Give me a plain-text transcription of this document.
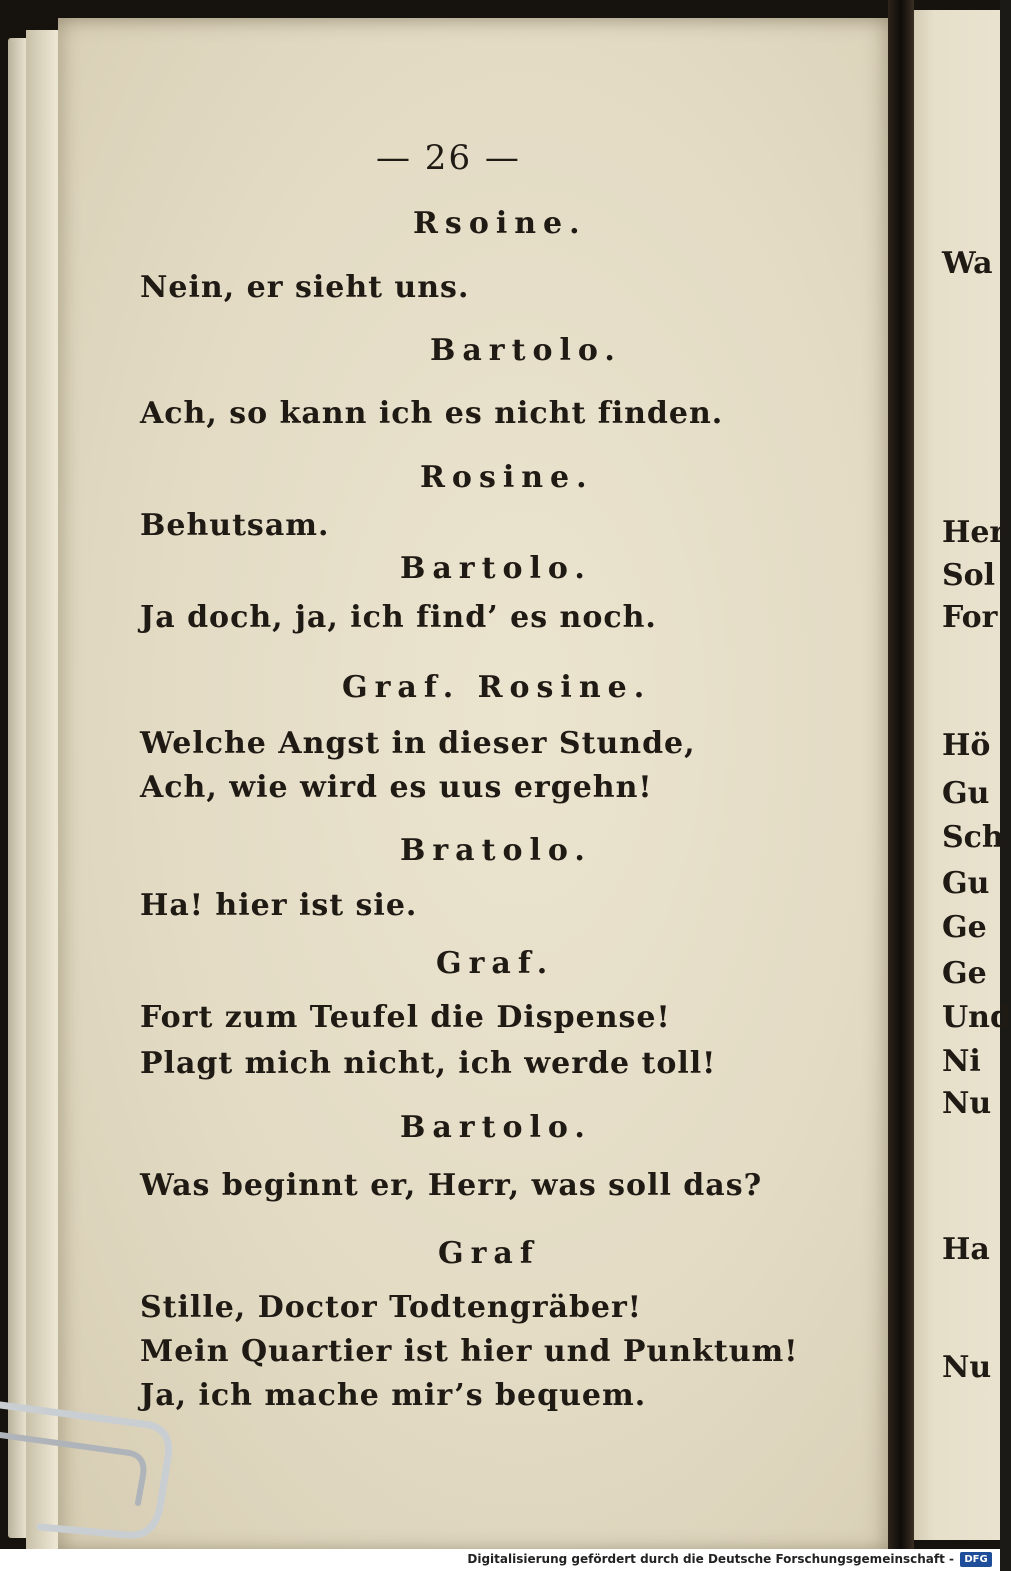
— 26 —
Rsoine.
Nein, er sieht uns.
Bartolo.
Ach, so kann ich es nicht finden.
Rosine.
Behutsam.
Bartolo.
Ja doch, ja, ich find’ es noch.
Graf. Rosine.
Welche Angst in dieser Stunde,
Ach, wie wird es uus ergehn!
Bratolo.
Ha! hier ist sie.
Graf.
Fort zum Teufel die Dispense!
Plagt mich nicht, ich werde toll!
Bartolo.
Was beginnt er, Herr, was soll das?
Graf
Stille, Doctor Todtengräber!
Mein Quartier ist hier und Punktum!
Ja, ich mache mir’s bequem.
Wa
Her
Sol
For
Hö
Gu
Sch
Gu
Ge
Ge
Und
Ni
Nu
Ha
Nu
Digitalisierung gefördert durch die Deutsche Forschungsgemeinschaft -	DFG
